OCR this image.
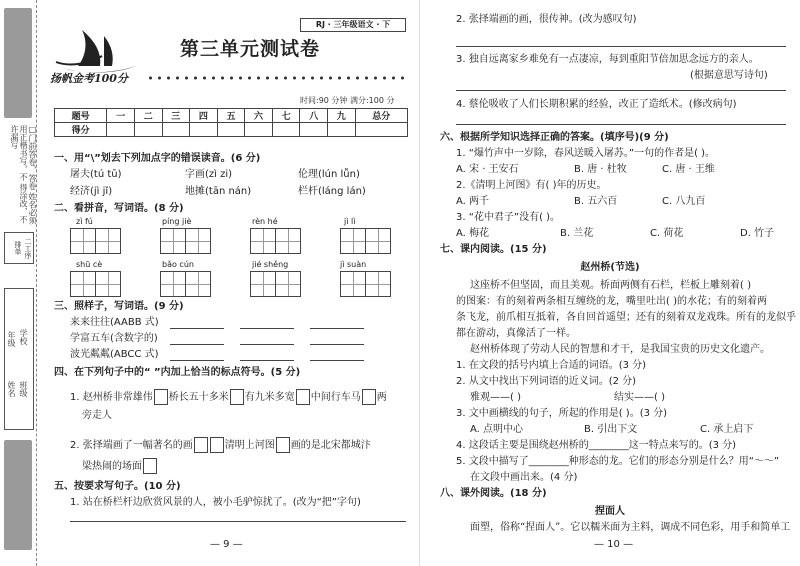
□门前答卷，答卷 姓名必须用正楷书写，不 得涂改，不许漏写
二工序 排单
年级
姓名
学校
班级
扬帆金考100分
RJ · 三年级语文 · 下
第三单元测试卷
时间:90 分钟 满分:100 分
题号	一	二	三	四	五	六	七	八	九	总分
得分										
一、用“\”划去下列加点字的错误读音。(6 分)
屠夫(tú tū)	字画(zì zi)	伦理(lún lǚn)
经济(jì jǐ)	地摊(tān nán)	栏杆(láng lán)
二、看拼音，写词语。(8 分)
zì fú	píng jiè	rèn hé	jì lì
shū cè	bǎo cún	jié shěng	jì suàn
三、照样子，写词语。(9 分)
来来往往(AABB 式)
学富五车(含数字的)
波光粼粼(ABCC 式)
四、在下列句子中的“ ”内加上恰当的标点符号。(5 分)
1. 赵州桥非常雄伟 桥长五十多米 有九米多宽 中间行车马 两
旁走人
2. 张择端画了一幅著名的画	清明上河图 画的是北宋都城汴
梁热闹的场面
五、按要求写句子。(10 分)
1. 站在桥栏杆边欣赏风景的人，被小毛驴惊扰了。(改为“把”字句)
— 9 —
2. 张择端画的画，很传神。(改为感叹句)
3. 独自远离家乡难免有一点凄凉，每到重阳节倍加思念远方的亲人。
(根据意思写诗句)
4. 蔡伦吸收了人们长期积累的经验，改正了造纸术。(修改病句)
六、根据所学知识选择正确的答案。(填序号)(9 分)
1. “爆竹声中一岁除，春风送暖入屠苏。”一句的作者是( )。
A. 宋 · 王安石	B. 唐 · 杜牧	C. 唐 · 王维
2.《清明上河图》有( )年的历史。
A. 两千	B. 五六百	C. 八九百
3. “花中君子”没有( )。
A. 梅花	B. 兰花	C. 荷花	D. 竹子
七、课内阅读。(15 分)
赵州桥(节选)
这座桥不但坚固，而且美观。桥面两侧有石栏，栏板上雕刻着( )
的图案：有的刻着两条相互缠绕的龙，嘴里吐出( )的水花；有的刻着两
条飞龙，前爪相互抵着，各自回首遥望；还有的刻着双龙戏珠。所有的龙似乎
都在游动，真像活了一样。
赵州桥体现了劳动人民的智慧和才干，是我国宝贵的历史文化遗产。
1. 在文段的括号内填上合适的词语。(3 分)
2. 从文中找出下列词语的近义词。(2 分)
雅观——( )	结实——( )
3. 文中画横线的句子，所起的作用是( )。(3 分)
A. 点明中心	B. 引出下文	C. 承上启下
4. 这段话主要是围绕赵州桥的________这一特点来写的。(3 分)
5. 文段中描写了________种形态的龙。它们的形态分别是什么？用“～～”
在文段中画出来。(4 分)
八、课外阅读。(18 分)
捏面人
面塑，俗称“捏面人”。它以糯米面为主料，调成不同色彩，用手和简单工
— 10 —
